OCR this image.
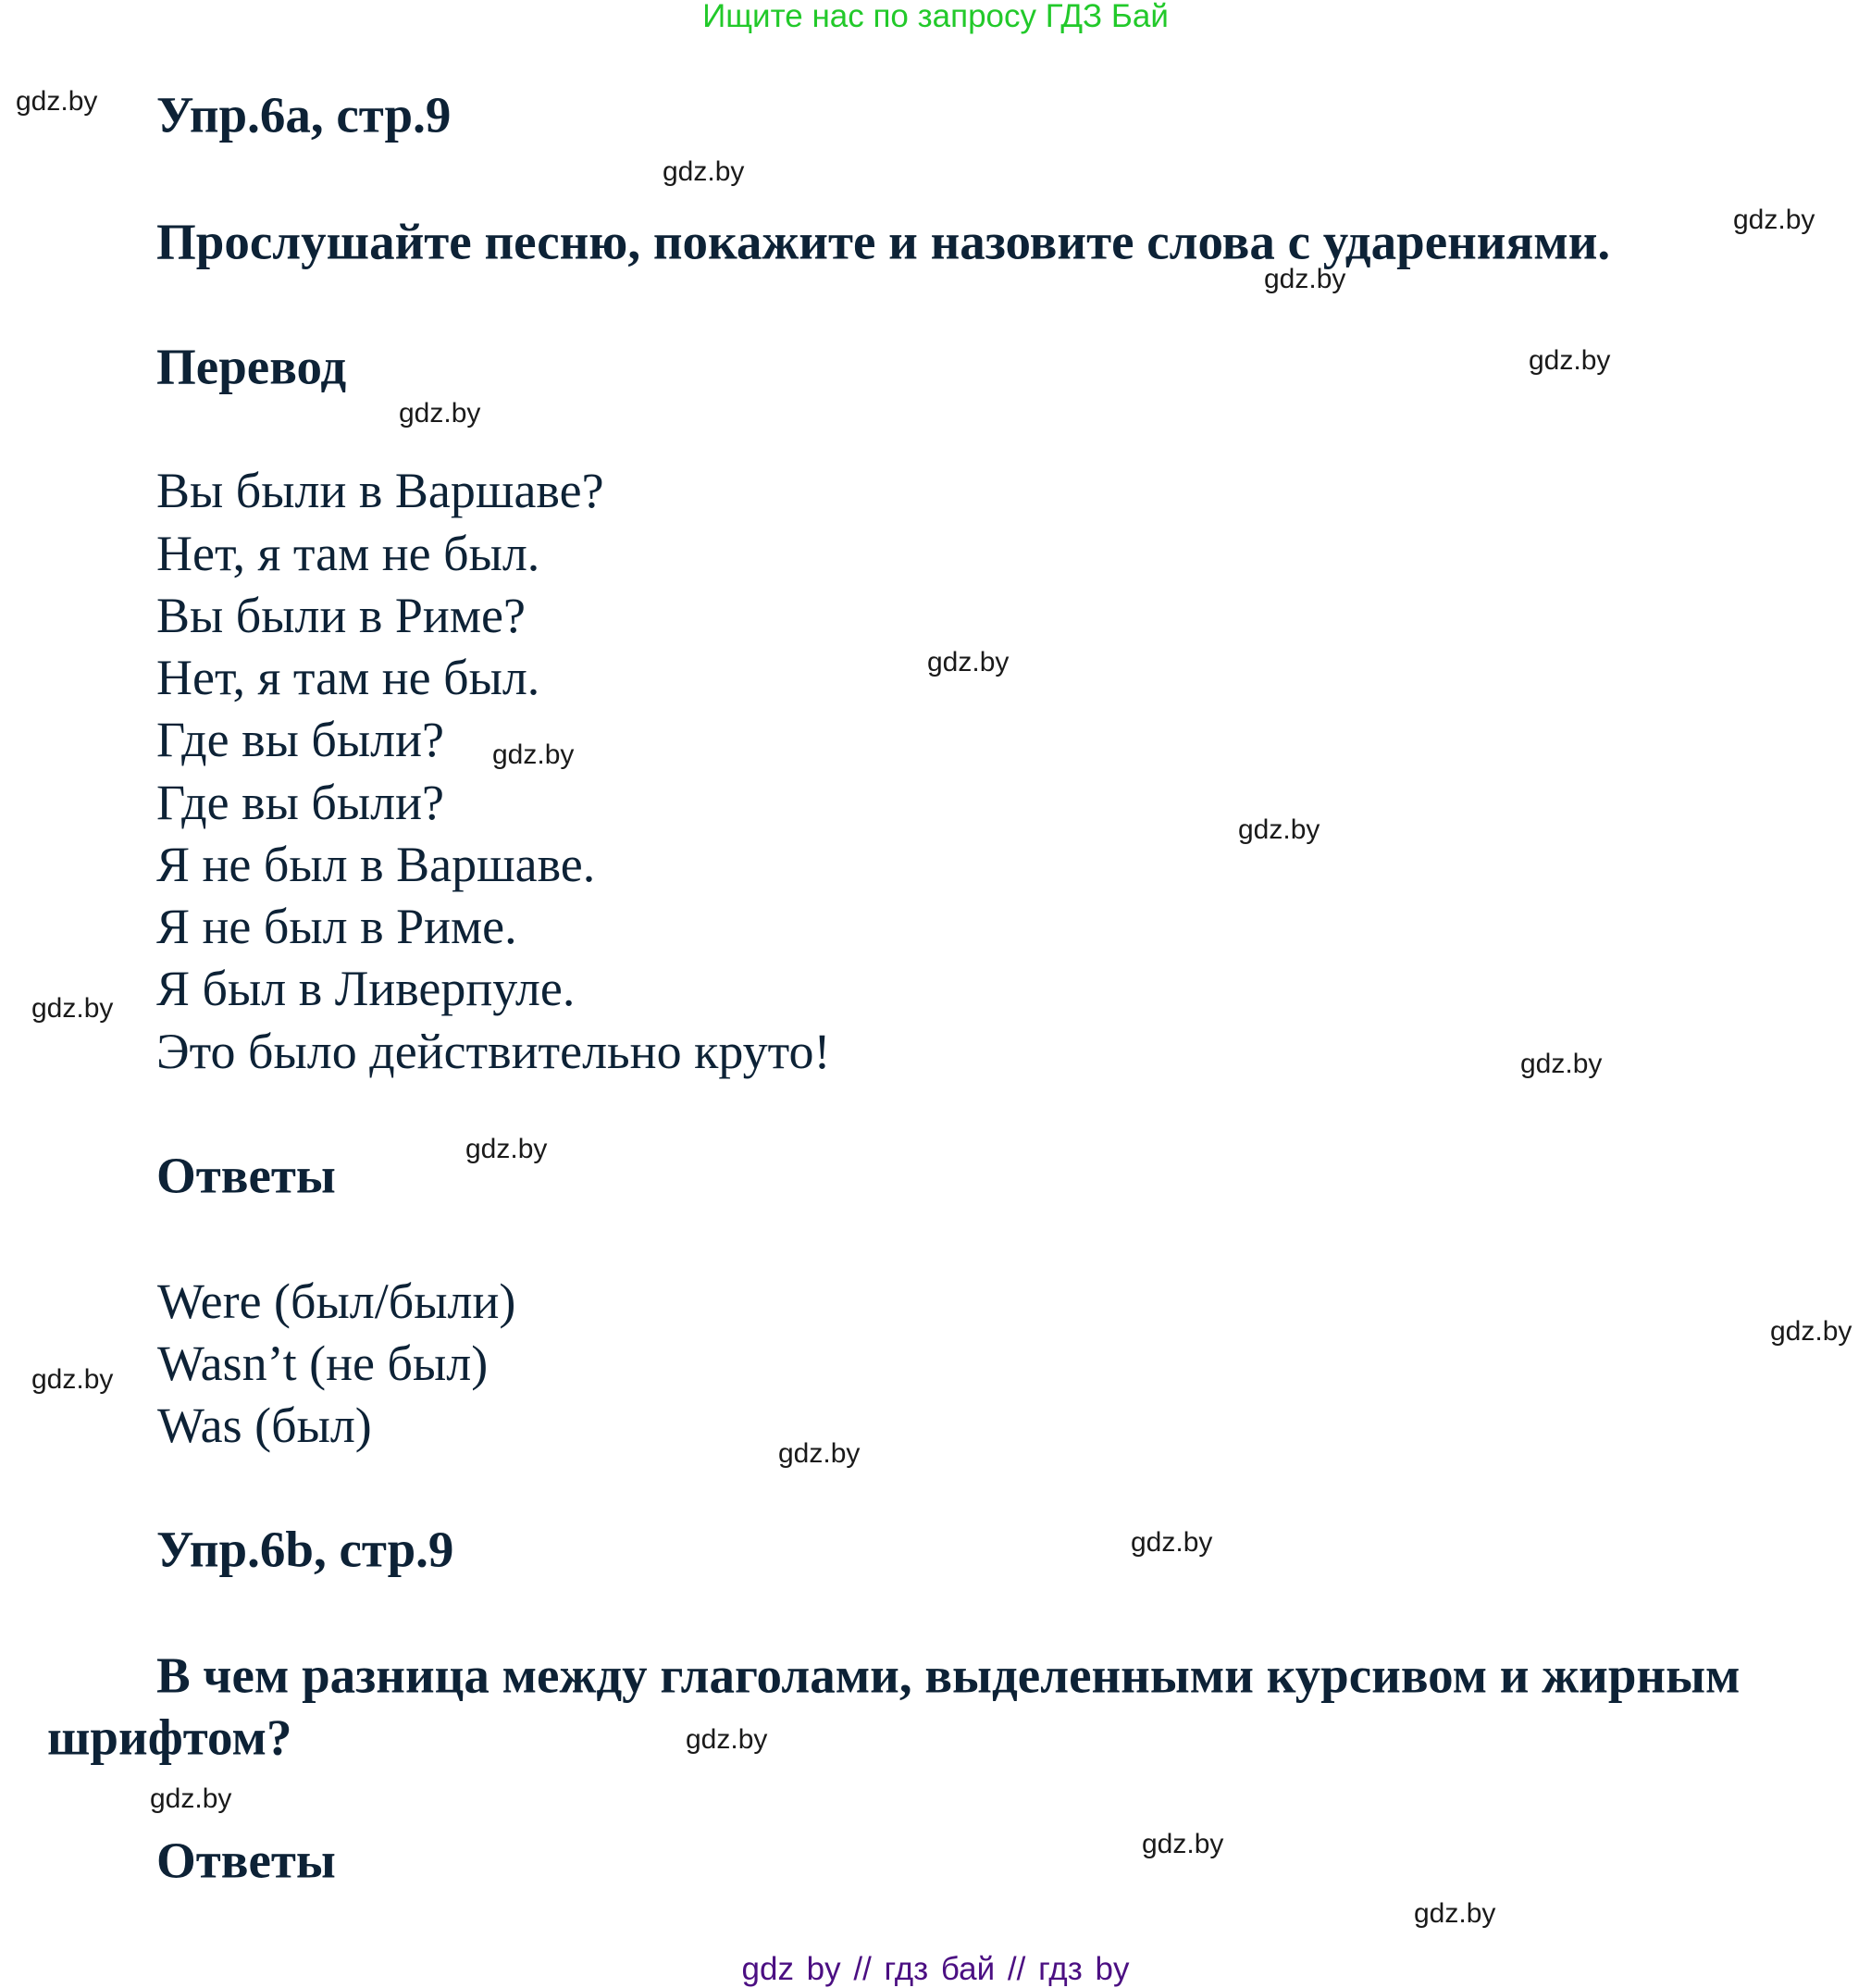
Ищите нас по запросу ГДЗ Бай
gdz.by
gdz.by
gdz.by
gdz.by
gdz.by
gdz.by
gdz.by
gdz.by
gdz.by
gdz.by
gdz.by
gdz.by
gdz.by
gdz.by
gdz.by
gdz.by
gdz.by
gdz.by
gdz.by
gdz.by
Упр.6a, стр.9
Прослушайте песню, покажите и назовите слова с ударениями.
Перевод
Вы были в Варшаве?
Нет, я там не был.
Вы были в Риме?
Нет, я там не был.
Где вы были?
Где вы были?
Я не был в Варшаве.
Я не был в Риме.
Я был в Ливерпуле.
Это было действительно круто!
Ответы
Were (был/были)
Wasn’t (не был)
Was (был)
Упр.6b, стр.9
В чем разница между глаголами, выделенными курсивом и жирным
шрифтом?
Ответы
gdz by // гдз бай // гдз by
